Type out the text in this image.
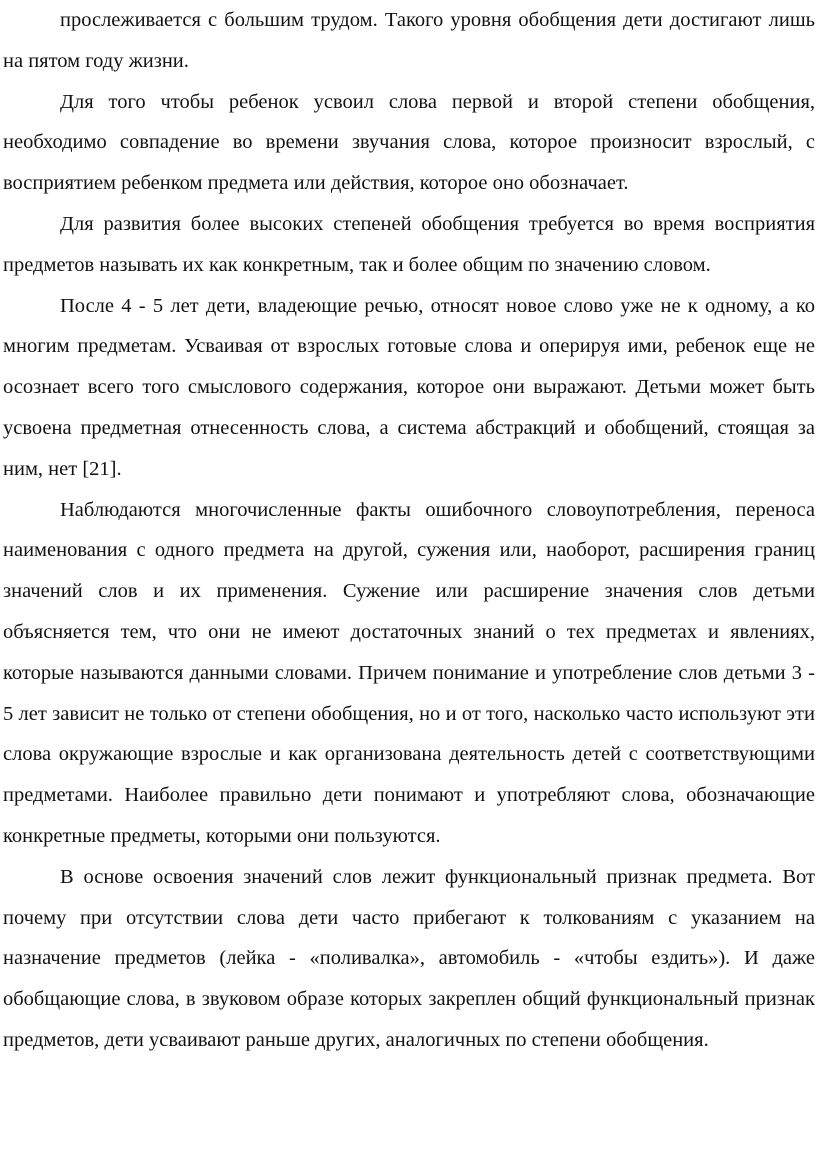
прослеживается с большим трудом. Такого уровня обобщения дети достигают лишь на пятом году жизни.

Для того чтобы ребенок усвоил слова первой и второй степени обобщения, необходимо совпадение во времени звучания слова, которое произносит взрослый, с восприятием ребенком предмета или действия, которое оно обозначает.

Для развития более высоких степеней обобщения требуется во время восприятия предметов называть их как конкретным, так и более общим по значению словом.

После 4 - 5 лет дети, владеющие речью, относят новое слово уже не к одному, а ко многим предметам. Усваивая от взрослых готовые слова и оперируя ими, ребенок еще не осознает всего того смыслового содержания, которое они выражают. Детьми может быть усвоена предметная отнесенность слова, а система абстракций и обобщений, стоящая за ним, нет [21].

Наблюдаются многочисленные факты ошибочного словоупотребления, переноса наименования с одного предмета на другой, сужения или, наоборот, расширения границ значений слов и их применения. Сужение или расширение значения слов детьми объясняется тем, что они не имеют достаточных знаний о тех предметах и явлениях, которые называются данными словами. Причем понимание и употребление слов детьми 3 - 5 лет зависит не только от степени обобщения, но и от того, насколько часто используют эти слова окружающие взрослые и как организована деятельность детей с соответствующими предметами. Наиболее правильно дети понимают и употребляют слова, обозначающие конкретные предметы, которыми они пользуются.

В основе освоения значений слов лежит функциональный признак предмета. Вот почему при отсутствии слова дети часто прибегают к толкованиям с указанием на назначение предметов (лейка - «поливалка», автомобиль - «чтобы ездить»). И даже обобщающие слова, в звуковом образе которых закреплен общий функциональный признак предметов, дети усваивают раньше других, аналогичных по степени обобщения.
